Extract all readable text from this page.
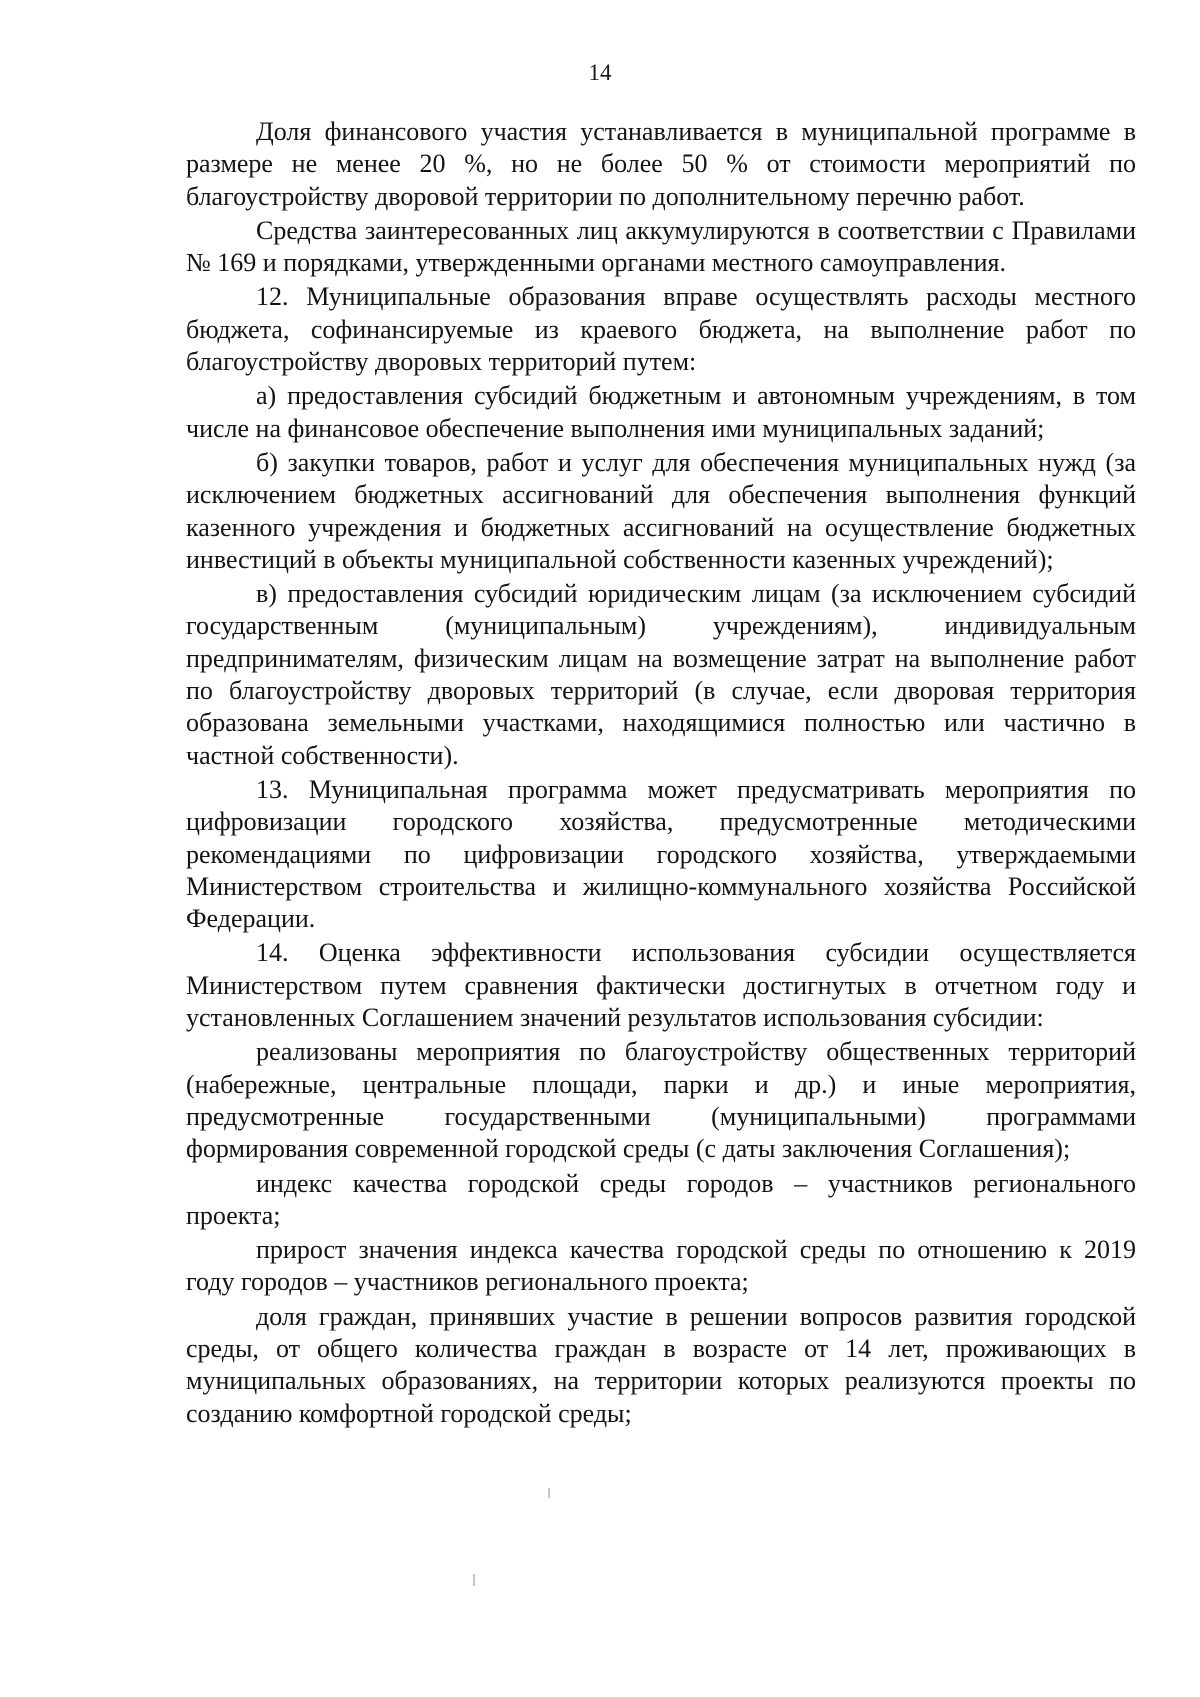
14

Доля финансового участия устанавливается в муниципальной программе в размере не менее 20 %, но не более 50 % от стоимости мероприятий по благоустройству дворовой территории по дополнительному перечню работ.

Средства заинтересованных лиц аккумулируются в соответствии с Правилами № 169 и порядками, утвержденными органами местного самоуправления.

12. Муниципальные образования вправе осуществлять расходы местного бюджета, софинансируемые из краевого бюджета, на выполнение работ по благоустройству дворовых территорий путем:

а) предоставления субсидий бюджетным и автономным учреждениям, в том числе на финансовое обеспечение выполнения ими муниципальных заданий;

б) закупки товаров, работ и услуг для обеспечения муниципальных нужд (за исключением бюджетных ассигнований для обеспечения выполнения функций казенного учреждения и бюджетных ассигнований на осуществление бюджетных инвестиций в объекты муниципальной собственности казенных учреждений);

в) предоставления субсидий юридическим лицам (за исключением субсидий государственным (муниципальным) учреждениям), индивидуальным предпринимателям, физическим лицам на возмещение затрат на выполнение работ по благоустройству дворовых территорий (в случае, если дворовая территория образована земельными участками, находящимися полностью или частично в частной собственности).

13. Муниципальная программа может предусматривать мероприятия по цифровизации городского хозяйства, предусмотренные методическими рекомендациями по цифровизации городского хозяйства, утверждаемыми Министерством строительства и жилищно-коммунального хозяйства Российской Федерации.

14. Оценка эффективности использования субсидии осуществляется Министерством путем сравнения фактически достигнутых в отчетном году и установленных Соглашением значений результатов использования субсидии:

реализованы мероприятия по благоустройству общественных территорий (набережные, центральные площади, парки и др.) и иные мероприятия, предусмотренные государственными (муниципальными) программами формирования современной городской среды (с даты заключения Соглашения);

индекс качества городской среды городов – участников регионального проекта;

прирост значения индекса качества городской среды по отношению к 2019 году городов – участников регионального проекта;

доля граждан, принявших участие в решении вопросов развития городской среды, от общего количества граждан в возрасте от 14 лет, проживающих в муниципальных образованиях, на территории которых реализуются проекты по созданию комфортной городской среды;
